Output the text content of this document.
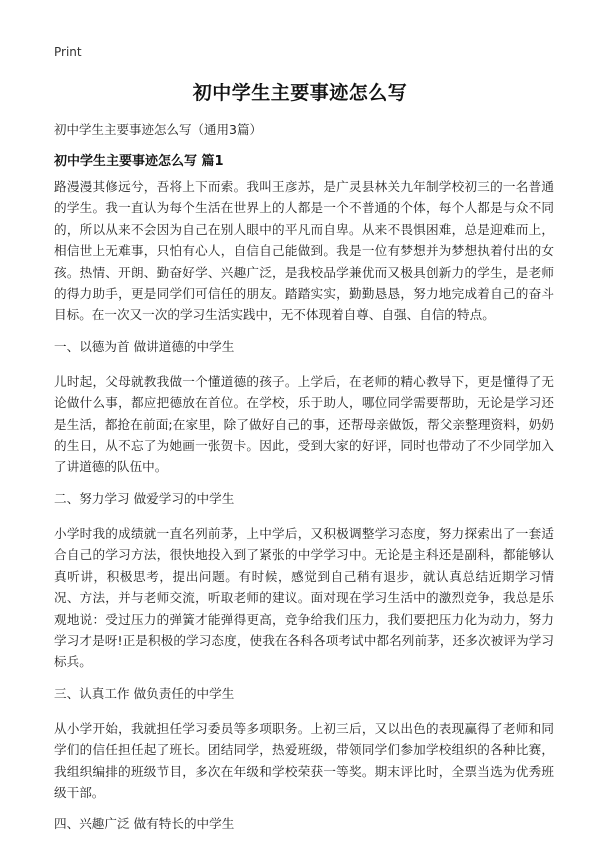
Print
初中学生主要事迹怎么写
初中学生主要事迹怎么写（通用3篇）
初中学生主要事迹怎么写 篇1

路漫漫其修远兮，吾将上下而索。我叫王彦苏，是广灵县林关九年制学校初三的一名普通的学生。我一直认为每个生活在世界上的人都是一个不普通的个体，每个人都是与众不同的，所以从来不会因为自己在别人眼中的平凡而自卑。从来不畏惧困难，总是迎难而上，相信世上无难事，只怕有心人，自信自己能做到。我是一位有梦想并为梦想执着付出的女孩。热情、开朗、勤奋好学、兴趣广泛，是我校品学兼优而又极具创新力的学生，是老师的得力助手，更是同学们可信任的朋友。踏踏实实，勤勤恳恳，努力地完成着自己的奋斗目标。在一次又一次的学习生活实践中，无不体现着自尊、自强、自信的特点。

一、以德为首 做讲道德的中学生

儿时起，父母就教我做一个懂道德的孩子。上学后，在老师的精心教导下，更是懂得了无论做什么事，都应把德放在首位。在学校，乐于助人，哪位同学需要帮助，无论是学习还是生活，都抢在前面;在家里，除了做好自己的事，还帮母亲做饭，帮父亲整理资料，奶奶的生日，从不忘了为她画一张贺卡。因此，受到大家的好评，同时也带动了不少同学加入了讲道德的队伍中。

二、努力学习 做爱学习的中学生

小学时我的成绩就一直名列前茅，上中学后，又积极调整学习态度，努力探索出了一套适合自己的学习方法，很快地投入到了紧张的中学学习中。无论是主科还是副科，都能够认真听讲，积极思考，提出问题。有时候，感觉到自己稍有退步，就认真总结近期学习情况、方法，并与老师交流，听取老师的建议。面对现在学习生活中的激烈竞争，我总是乐观地说：受过压力的弹簧才能弹得更高，竞争给我们压力，我们要把压力化为动力，努力学习才是呀!正是积极的学习态度，使我在各科各项考试中都名列前茅，还多次被评为学习标兵。

三、认真工作 做负责任的中学生

从小学开始，我就担任学习委员等多项职务。上初三后，又以出色的表现赢得了老师和同学们的信任担任起了班长。团结同学，热爱班级，带领同学们参加学校组织的各种比赛，我组织编排的班级节目，多次在年级和学校荣获一等奖。期末评比时，全票当选为优秀班级干部。

四、兴趣广泛 做有特长的中学生
